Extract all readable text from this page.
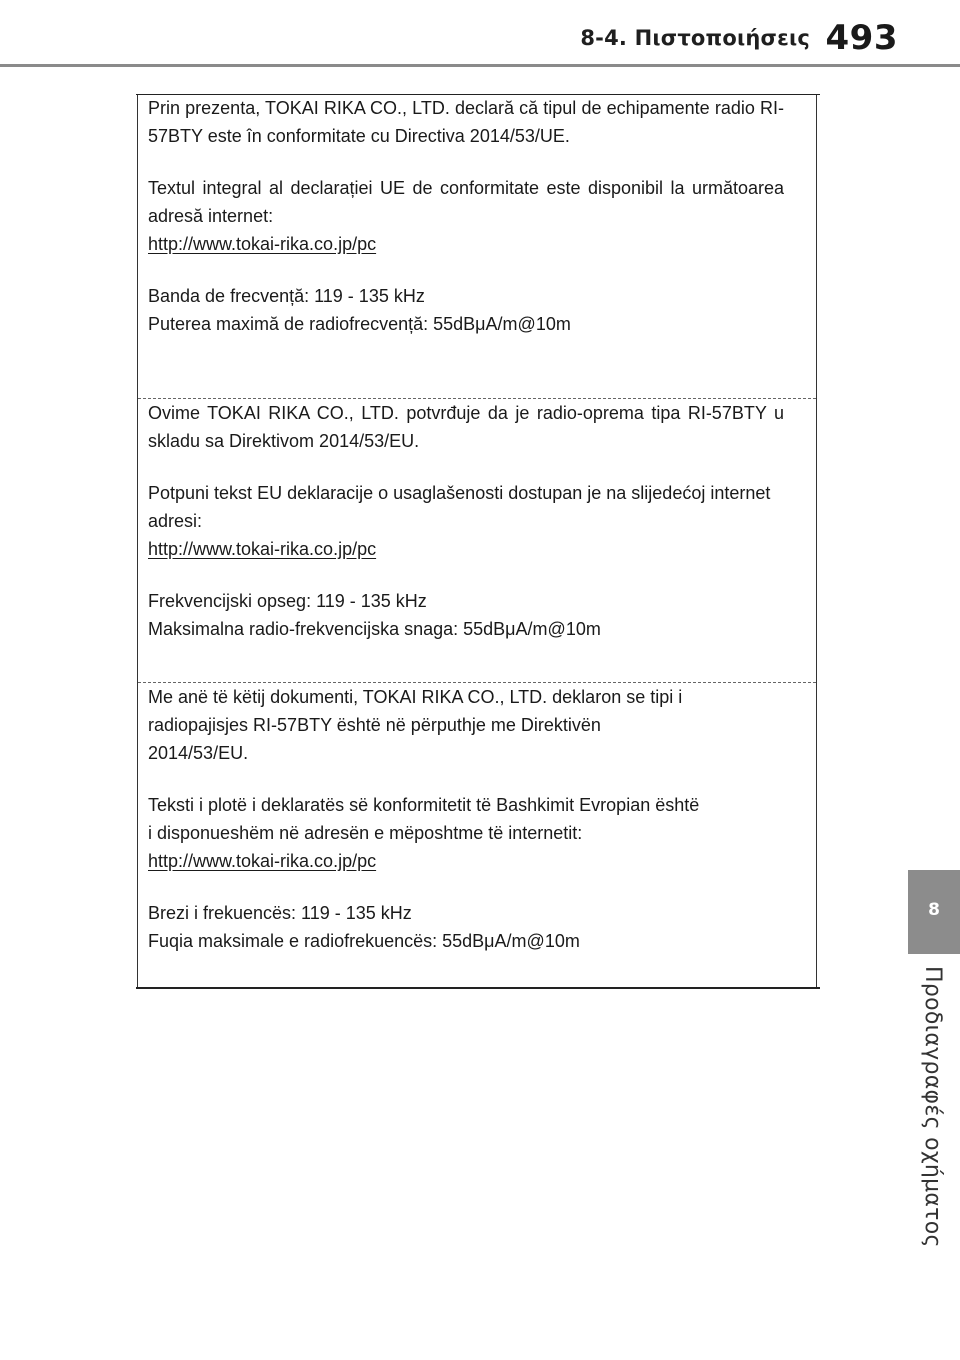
8-4. Πιστοποιήσεις 493

Prin prezenta, TOKAI RIKA CO., LTD. declară că tipul de echipamente radio RI-57BTY este în conformitate cu Directiva 2014/53/UE.

Textul integral al declarației UE de conformitate este disponibil la următoarea adresă internet:

http://www.tokai-rika.co.jp/pc

Banda de frecvență: 119 - 135 kHz

Puterea maximă de radiofrecvență: 55dBμA/m@10m

Ovime TOKAI RIKA CO., LTD. potvrđuje da je radio-oprema tipa RI-57BTY u skladu sa Direktivom 2014/53/EU.

Potpuni tekst EU deklaracije o usaglašenosti dostupan je na slijedećoj internet adresi:

http://www.tokai-rika.co.jp/pc

Frekvencijski opseg: 119 - 135 kHz

Maksimalna radio-frekvencijska snaga: 55dBμA/m@10m

Me anë të këtij dokumenti, TOKAI RIKA CO., LTD. deklaron se tipi i

radiopajisjes RI-57BTY është në përputhje me Direktivën

2014/53/EU.

Teksti i plotë i deklaratës së konformitetit të Bashkimit Evropian është

i disponueshëm në adresën e mëposhtme të internetit:

http://www.tokai-rika.co.jp/pc

Brezi i frekuencës: 119 - 135 kHz

Fuqia maksimale e radiofrekuencës: 55dBμA/m@10m

8
Προδιαγραφές οχήματος
